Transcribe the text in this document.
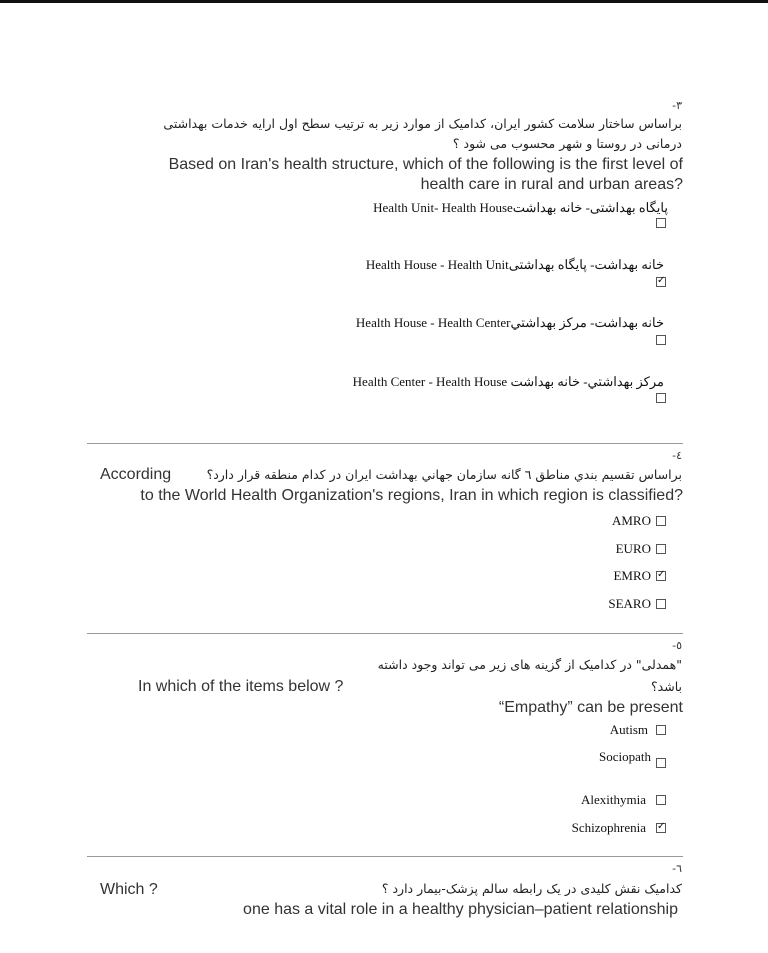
-٣
براساس ساختار سلامت کشور ایران، کدامیک از موارد زیر به ترتیب سطح اول ارایه خدمات بهداشتی
درمانی در روستا و شهر محسوب می شود ؟
Based on Iran's health structure, which of the following is the first level of
health care in rural and urban areas?
پایگاه بهداشتی- خانه بهداشتHealth Unit- Health House
خانه بهداشت- پایگاه بهداشتیHealth House - Health Unit
✓
خانه بهداشت- مرکز بهداشتيHealth House - Health Center
مرکز بهداشتي- خانه بهداشت Health Center - Health House
-٤
براساس تقسیم بندي مناطق ٦ گانه سازمان جهاني بهداشت ايران در كدام منطقه قرار دارد؟
According
to the World Health Organization's regions, Iran in which region is classified?
AMRO
EURO
EMRO
✓
SEARO
-٥
"همدلی" در کدامیک از گزینه های زیر می تواند وجود داشته
In which of the items below ?	باشد؟
“Empathy” can be present
Autism
Sociopath
Alexithymia
Schizophrenia
✓
-٦
کدامیک نقش کلیدی در یک رابطه سالم پزشک-بیمار دارد ؟
Which ?
one has a vital role in a healthy physician–patient relationship
